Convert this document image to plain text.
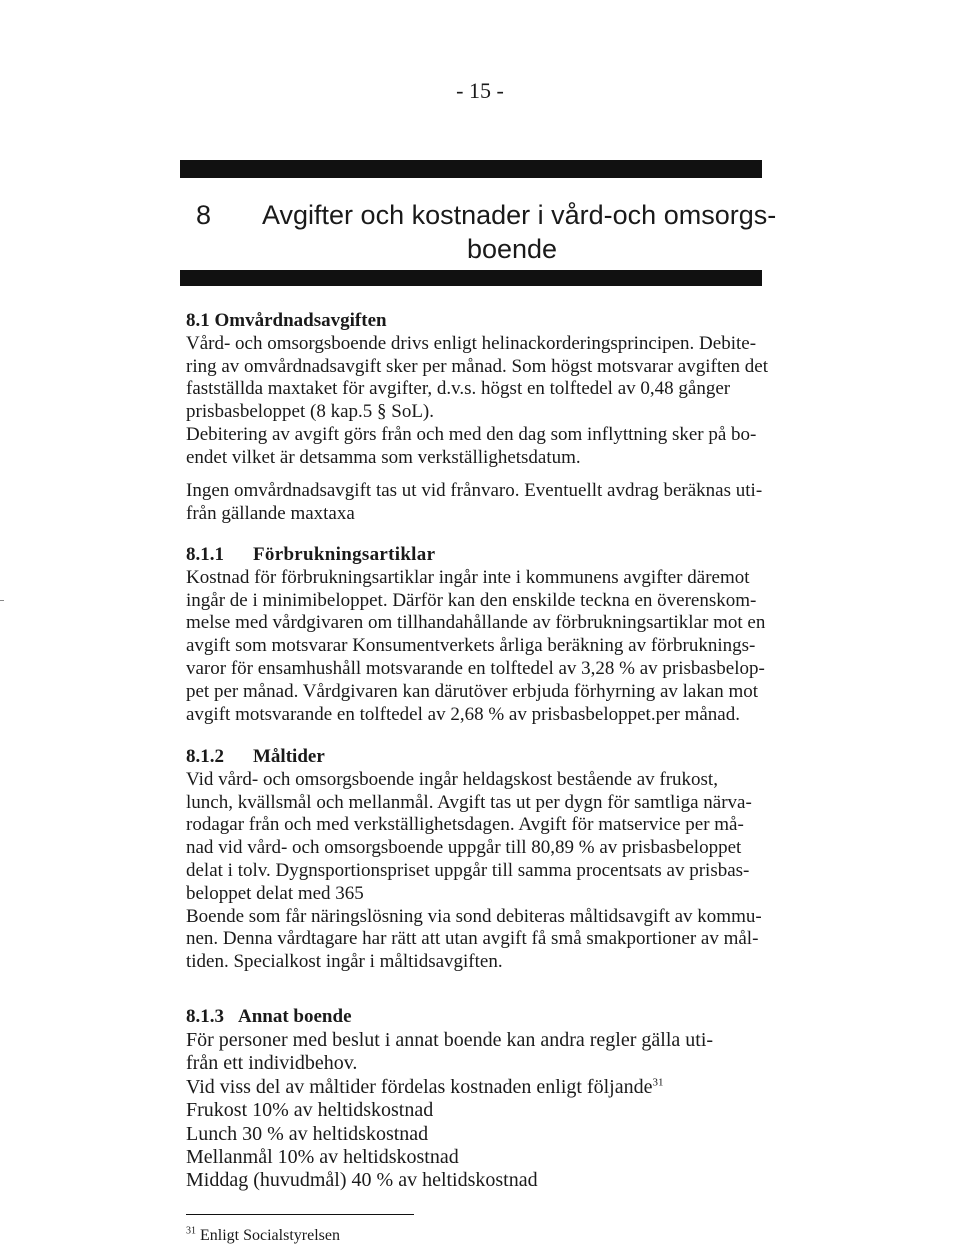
- 15 -
8 Avgifter och kostnader i vård-och omsorgs-
boende
8.1 Omvårdnadsavgiften
Vård- och omsorgsboende drivs enligt helinackorderingsprincipen. Debite-
ring av omvårdnadsavgift sker per månad. Som högst motsvarar avgiften det
fastställda maxtaket för avgifter, d.v.s. högst en tolftedel av 0,48 gånger
prisbasbeloppet (8 kap.5 § SoL).
Debitering av avgift görs från och med den dag som inflyttning sker på bo-
endet vilket är detsamma som verkställighetsdatum.
Ingen omvårdnadsavgift tas ut vid frånvaro. Eventuellt avdrag beräknas uti-
från gällande maxtaxa
8.1.1 Förbrukningsartiklar
Kostnad för förbrukningsartiklar ingår inte i kommunens avgifter däremot
ingår de i minimibeloppet. Därför kan den enskilde teckna en överenskom-
melse med vårdgivaren om tillhandahållande av förbrukningsartiklar mot en
avgift som motsvarar Konsumentverkets årliga beräkning av förbruknings-
varor för ensamhushåll motsvarande en tolftedel av 3,28 % av prisbasbelop-
pet per månad. Vårdgivaren kan därutöver erbjuda förhyrning av lakan mot
avgift motsvarande en tolftedel av 2,68 % av prisbasbeloppet.per månad.
8.1.2 Måltider
Vid vård- och omsorgsboende ingår heldagskost bestående av frukost,
lunch, kvällsmål och mellanmål. Avgift tas ut per dygn för samtliga närva-
rodagar från och med verkställighetsdagen. Avgift för matservice per må-
nad vid vård- och omsorgsboende uppgår till 80,89 % av prisbasbeloppet
delat i tolv. Dygnsportionspriset uppgår till samma procentsats av prisbas-
beloppet delat med 365
Boende som får näringslösning via sond debiteras måltidsavgift av kommu-
nen. Denna vårdtagare har rätt att utan avgift få små smakportioner av mål-
tiden. Specialkost ingår i måltidsavgiften.
8.1.3 Annat boende
För personer med beslut i annat boende kan andra regler gälla uti-
från ett individbehov.
Vid viss del av måltider fördelas kostnaden enligt följande$^{31}$
Frukost 10% av heltidskostnad
Lunch 30 % av heltidskostnad
Mellanmål 10% av heltidskostnad
Middag (huvudmål) 40 % av heltidskostnad
$^{31}$ Enligt Socialstyrelsen
